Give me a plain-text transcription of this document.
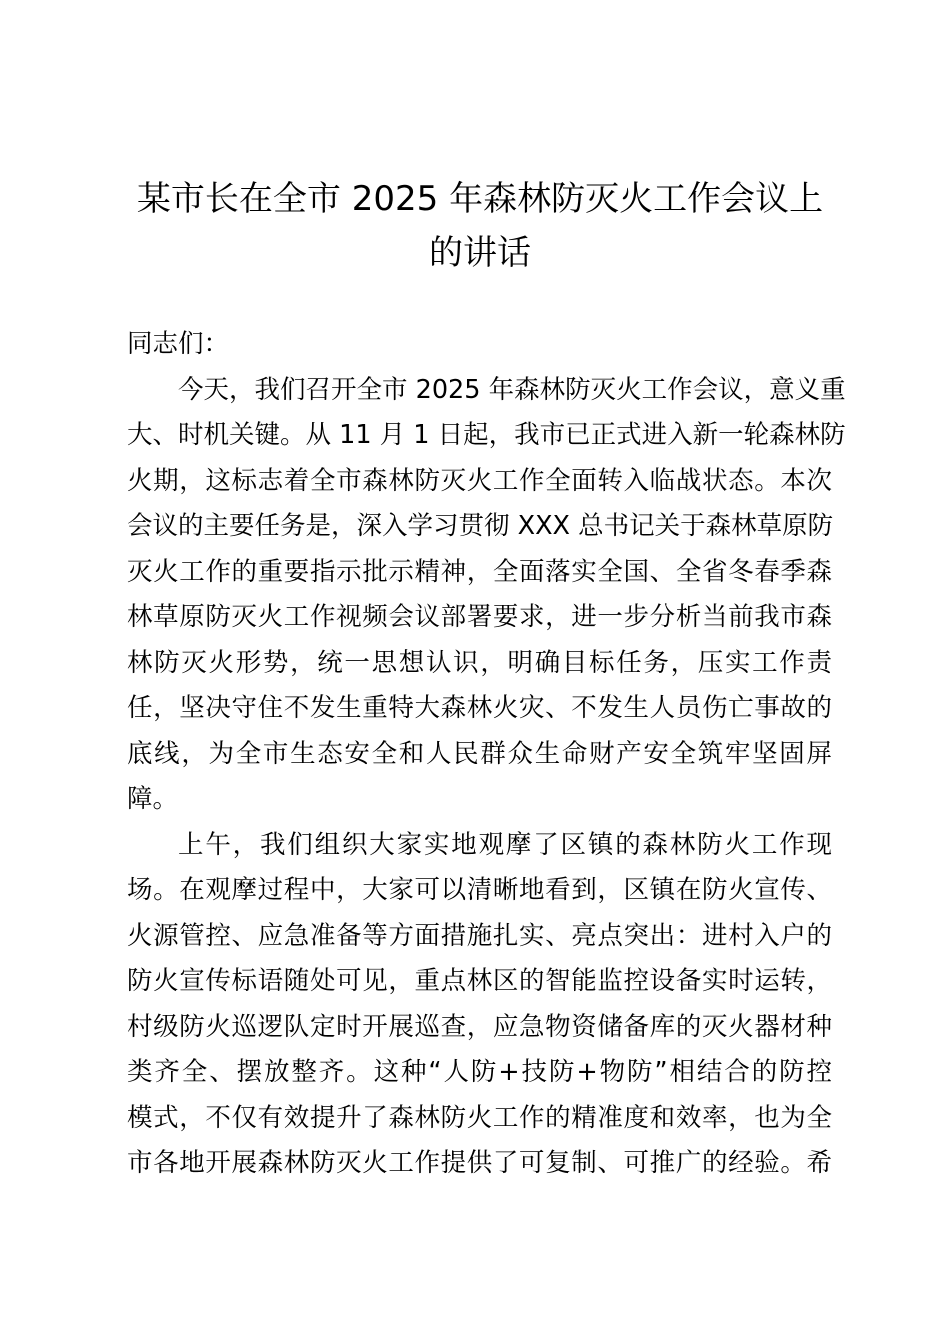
某市长在全市 2025 年森林防灭火工作会议上
的讲话
同志们：
今天，我们召开全市 2025 年森林防灭火工作会议，意义重
大、时机关键。从 11 月 1 日起，我市已正式进入新一轮森林防
火期，这标志着全市森林防灭火工作全面转入临战状态。本次
会议的主要任务是，深入学习贯彻 XXX 总书记关于森林草原防
灭火工作的重要指示批示精神，全面落实全国、全省冬春季森
林草原防灭火工作视频会议部署要求，进一步分析当前我市森
林防灭火形势，统一思想认识，明确目标任务，压实工作责
任，坚决守住不发生重特大森林火灾、不发生人员伤亡事故的
底线，为全市生态安全和人民群众生命财产安全筑牢坚固屏
障。
上午，我们组织大家实地观摩了区镇的森林防火工作现
场。在观摩过程中，大家可以清晰地看到，区镇在防火宣传、
火源管控、应急准备等方面措施扎实、亮点突出：进村入户的
防火宣传标语随处可见，重点林区的智能监控设备实时运转，
村级防火巡逻队定时开展巡查，应急物资储备库的灭火器材种
类齐全、摆放整齐。这种“人防+技防+物防”相结合的防控
模式，不仅有效提升了森林防火工作的精准度和效率，也为全
市各地开展森林防灭火工作提供了可复制、可推广的经验。希
